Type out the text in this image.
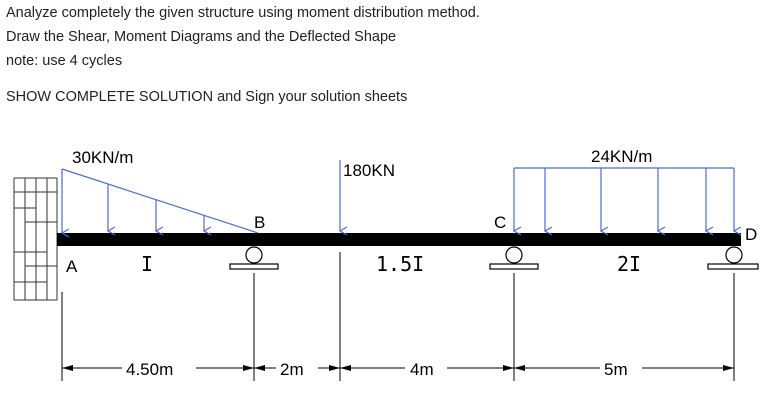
Analyze completely the given structure using moment distribution method.
Draw the Shear, Moment Diagrams and the Deflected Shape
note: use 4 cycles
SHOW COMPLETE SOLUTION and Sign your solution sheets
30KN/m
180KN
24KN/m
A
B	C
D
I	1.5I	2I
4.50m	2m	4m	5m
